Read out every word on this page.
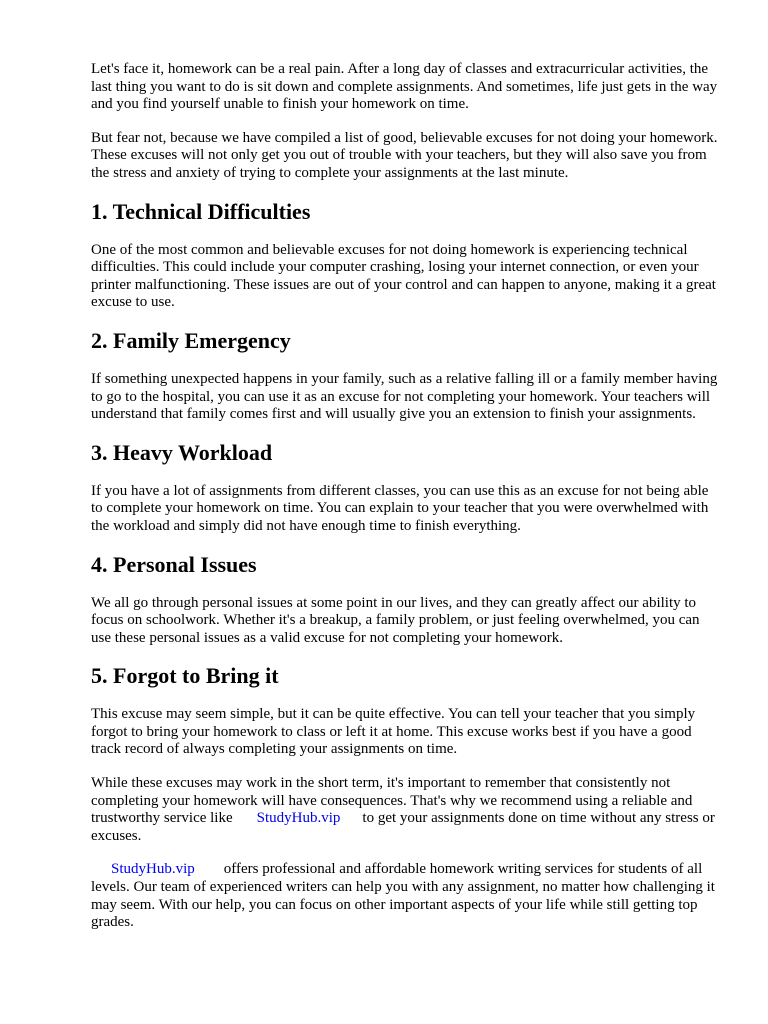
Let's face it, homework can be a real pain. After a long day of classes and extracurricular activities, the last thing you want to do is sit down and complete assignments. And sometimes, life just gets in the way and you find yourself unable to finish your homework on time.

But fear not, because we have compiled a list of good, believable excuses for not doing your homework. These excuses will not only get you out of trouble with your teachers, but they will also save you from the stress and anxiety of trying to complete your assignments at the last minute.

1. Technical Difficulties

One of the most common and believable excuses for not doing homework is experiencing technical difficulties. This could include your computer crashing, losing your internet connection, or even your printer malfunctioning. These issues are out of your control and can happen to anyone, making it a great excuse to use.

2. Family Emergency

If something unexpected happens in your family, such as a relative falling ill or a family member having to go to the hospital, you can use it as an excuse for not completing your homework. Your teachers will understand that family comes first and will usually give you an extension to finish your assignments.

3. Heavy Workload

If you have a lot of assignments from different classes, you can use this as an excuse for not being able to complete your homework on time. You can explain to your teacher that you were overwhelmed with the workload and simply did not have enough time to finish everything.

4. Personal Issues

We all go through personal issues at some point in our lives, and they can greatly affect our ability to focus on schoolwork. Whether it's a breakup, a family problem, or just feeling overwhelmed, you can use these personal issues as a valid excuse for not completing your homework.

5. Forgot to Bring it

This excuse may seem simple, but it can be quite effective. You can tell your teacher that you simply forgot to bring your homework to class or left it at home. This excuse works best if you have a good track record of always completing your assignments on time.

While these excuses may work in the short term, it's important to remember that consistently not completing your homework will have consequences. That's why we recommend using a reliable and trustworthy service like StudyHub.vip to get your assignments done on time without any stress or excuses.

StudyHub.vip offers professional and affordable homework writing services for students of all levels. Our team of experienced writers can help you with any assignment, no matter how challenging it may seem. With our help, you can focus on other important aspects of your life while still getting top grades.
